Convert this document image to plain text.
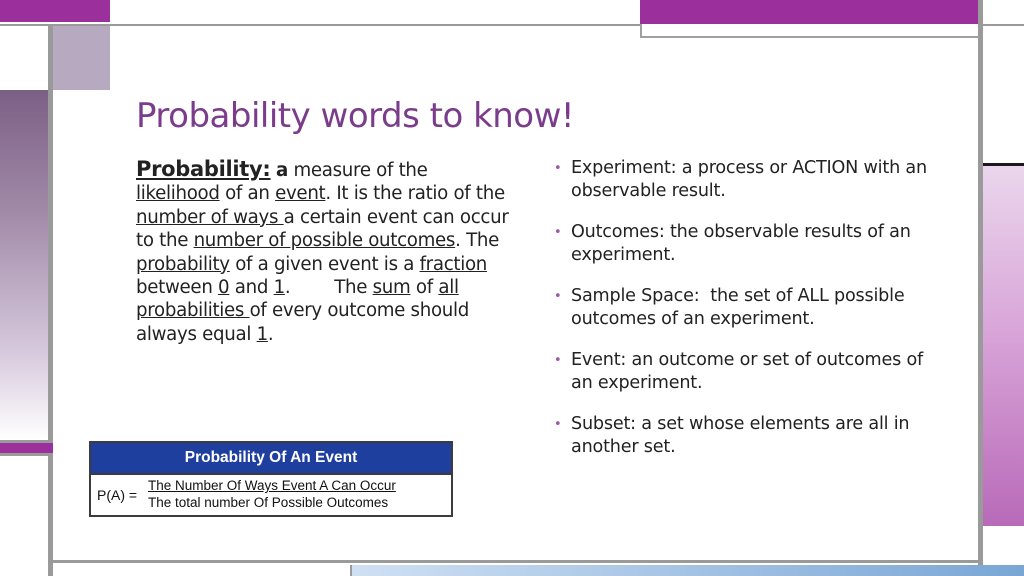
Probability words to know!
Probability: a measure of the likelihood of an event. It is the ratio of the number of ways a certain event can occur to the number of possible outcomes. The probability of a given event is a fraction between 0 and 1.        The sum of all probabilities of every outcome should always equal 1.
Probability Of An Event
P(A) =
The Number Of Ways Event A Can Occur
The total number Of Possible Outcomes
• Experiment: a process or ACTION with an observable result.
• Outcomes: the observable results of an experiment.
• Sample Space:  the set of ALL possible outcomes of an experiment.
• Event: an outcome or set of outcomes of an experiment.
• Subset: a set whose elements are all in another set.
